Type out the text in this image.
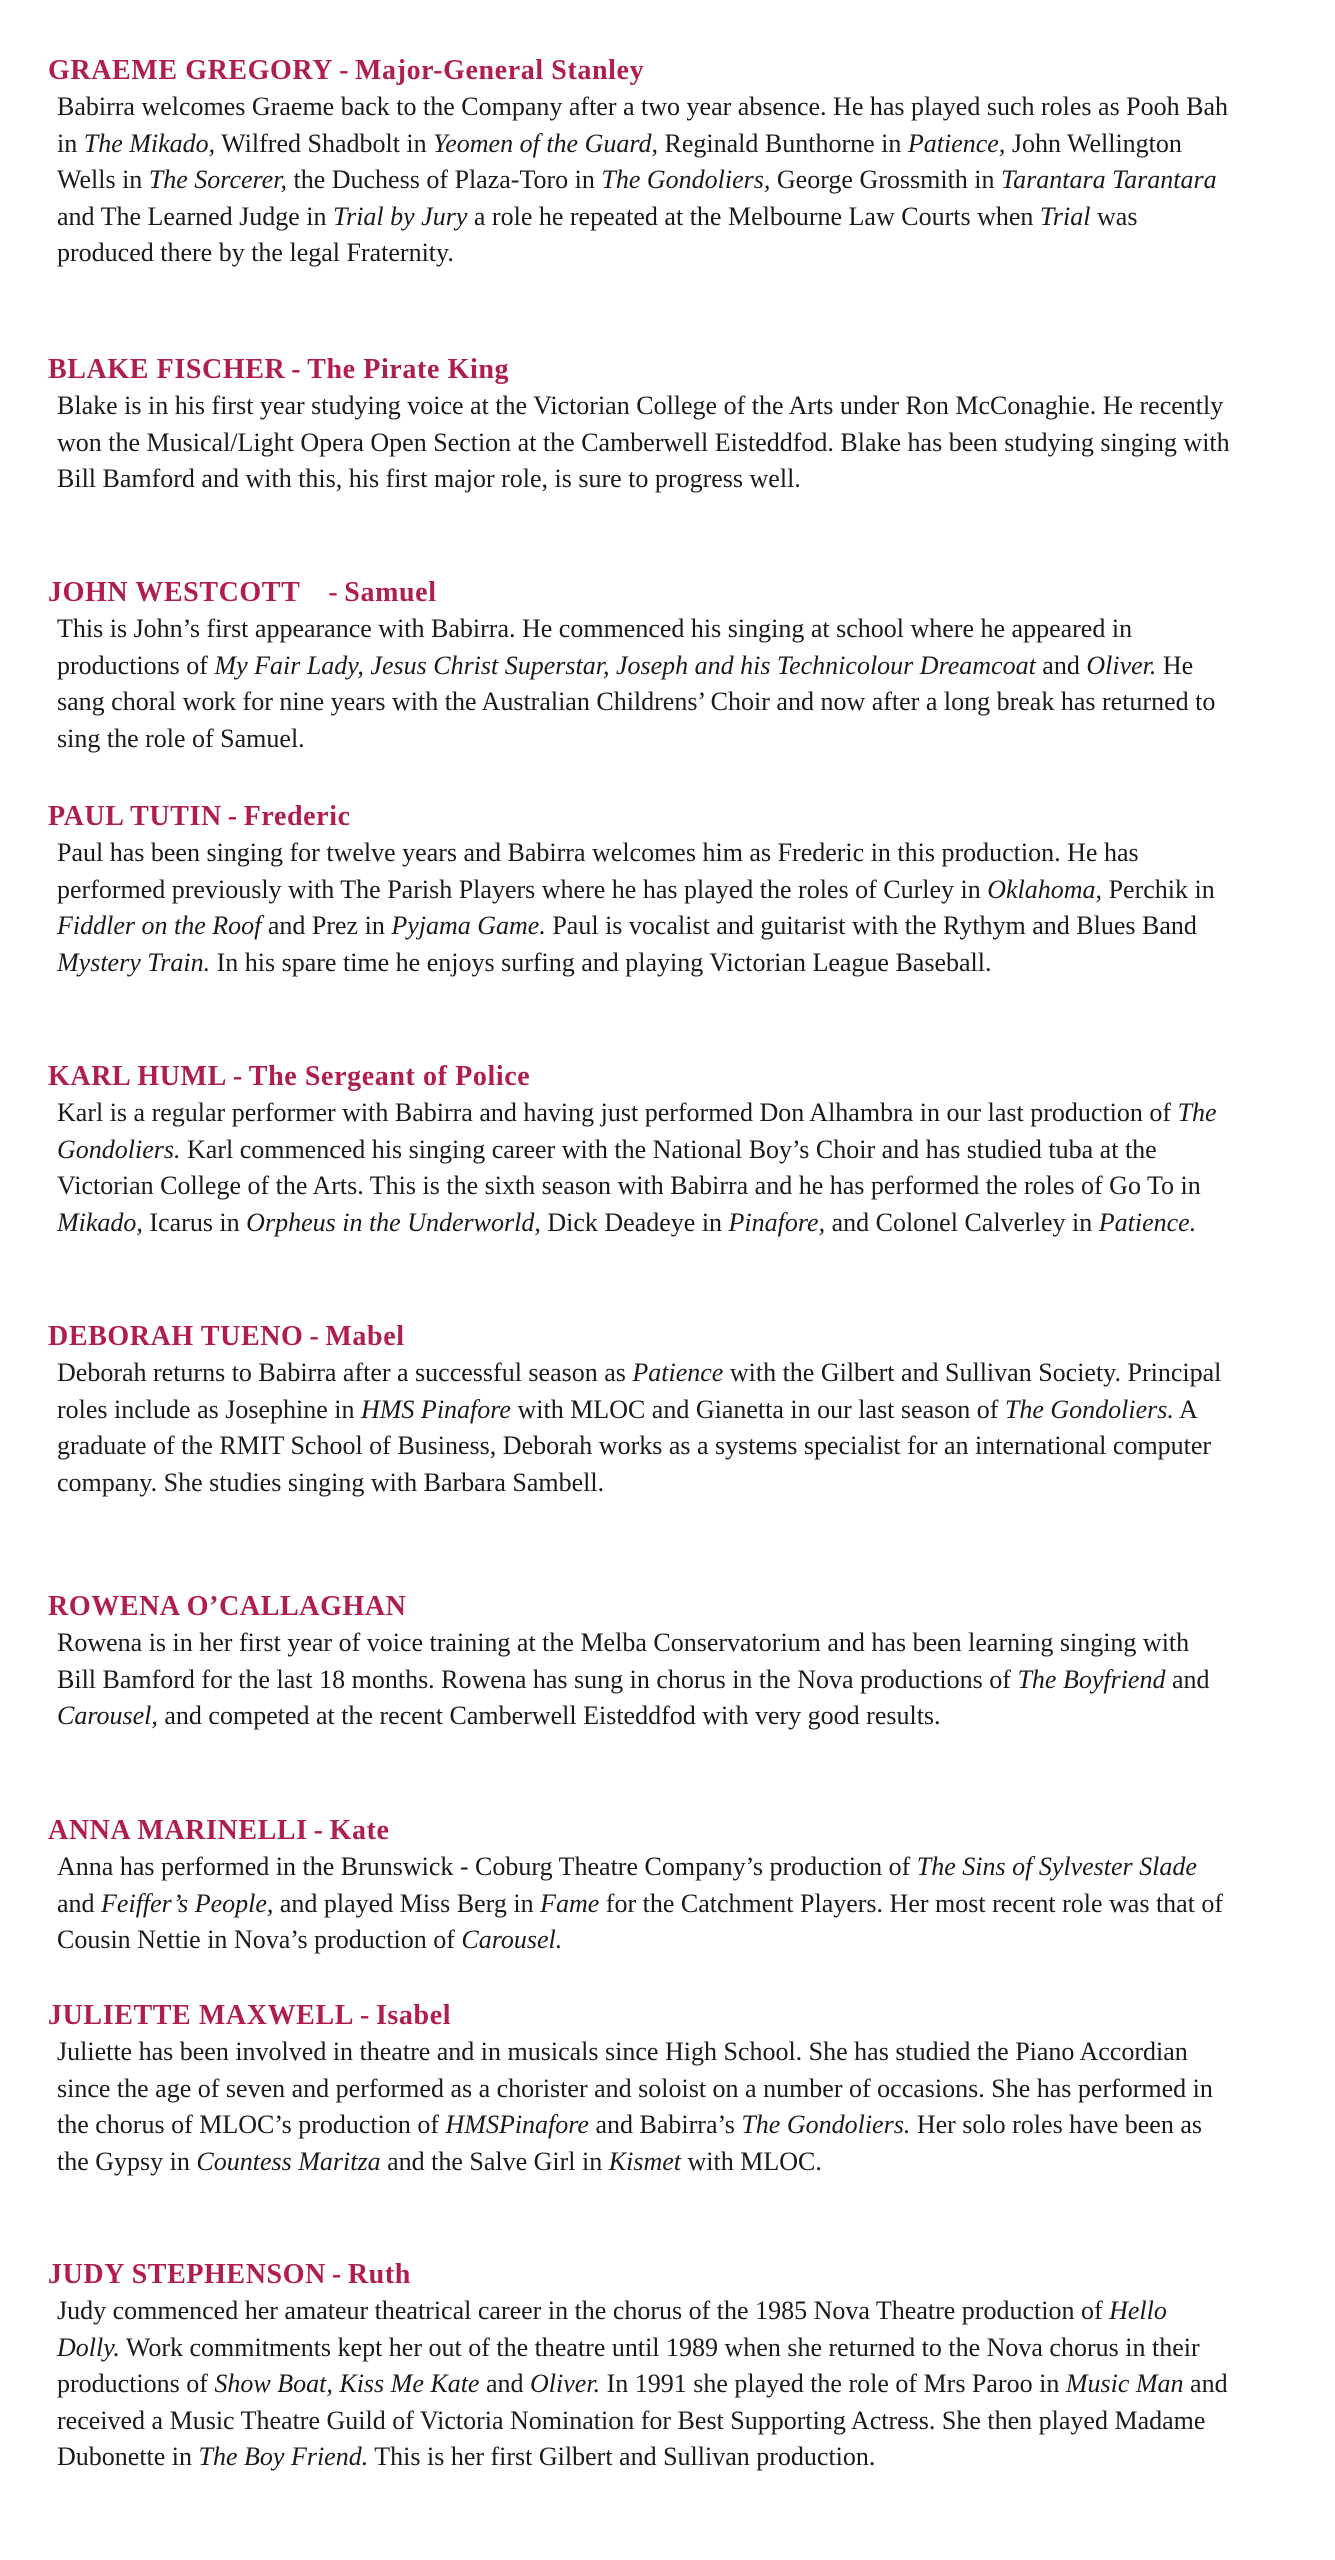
GRAEME GREGORY - Major-General Stanley

Babirra welcomes Graeme back to the Company after a two year absence. He has played such roles as Pooh Bah in The Mikado, Wilfred Shadbolt in Yeomen of the Guard, Reginald Bunthorne in Patience, John Wellington Wells in The Sorcerer, the Duchess of Plaza-Toro in The Gondoliers, George Grossmith in Tarantara Tarantara and The Learned Judge in Trial by Jury a role he repeated at the Melbourne Law Courts when Trial was produced there by the legal Fraternity.

BLAKE FISCHER - The Pirate King

Blake is in his first year studying voice at the Victorian College of the Arts under Ron McConaghie. He recently won the Musical/Light Opera Open Section at the Camberwell Eisteddfod. Blake has been studying singing with Bill Bamford and with this, his first major role, is sure to progress well.

JOHN WESTCOTT - Samuel

This is John’s first appearance with Babirra. He commenced his singing at school where he appeared in productions of My Fair Lady, Jesus Christ Superstar, Joseph and his Technicolour Dreamcoat and Oliver. He sang choral work for nine years with the Australian Childrens’ Choir and now after a long break has returned to sing the role of Samuel.

PAUL TUTIN - Frederic

Paul has been singing for twelve years and Babirra welcomes him as Frederic in this production. He has performed previously with The Parish Players where he has played the roles of Curley in Oklahoma, Perchik in Fiddler on the Roof and Prez in Pyjama Game. Paul is vocalist and guitarist with the Rythym and Blues Band Mystery Train. In his spare time he enjoys surfing and playing Victorian League Baseball.

KARL HUML - The Sergeant of Police

Karl is a regular performer with Babirra and having just performed Don Alhambra in our last production of The Gondoliers. Karl commenced his singing career with the National Boy’s Choir and has studied tuba at the Victorian College of the Arts. This is the sixth season with Babirra and he has performed the roles of Go To in Mikado, Icarus in Orpheus in the Underworld, Dick Deadeye in Pinafore, and Colonel Calverley in Patience.

DEBORAH TUENO - Mabel

Deborah returns to Babirra after a successful season as Patience with the Gilbert and Sullivan Society. Principal roles include as Josephine in HMS Pinafore with MLOC and Gianetta in our last season of The Gondoliers. A graduate of the RMIT School of Business, Deborah works as a systems specialist for an international computer company. She studies singing with Barbara Sambell.

ROWENA O’CALLAGHAN

Rowena is in her first year of voice training at the Melba Conservatorium and has been learning singing with Bill Bamford for the last 18 months. Rowena has sung in chorus in the Nova productions of The Boyfriend and Carousel, and competed at the recent Camberwell Eisteddfod with very good results.

ANNA MARINELLI - Kate

Anna has performed in the Brunswick - Coburg Theatre Company’s production of The Sins of Sylvester Slade and Feiffer’s People, and played Miss Berg in Fame for the Catchment Players. Her most recent role was that of Cousin Nettie in Nova’s production of Carousel.

JULIETTE MAXWELL - Isabel

Juliette has been involved in theatre and in musicals since High School. She has studied the Piano Accordian since the age of seven and performed as a chorister and soloist on a number of occasions. She has performed in the chorus of MLOC’s production of HMSPinafore and Babirra’s The Gondoliers. Her solo roles have been as the Gypsy in Countess Maritza and the Salve Girl in Kismet with MLOC.

JUDY STEPHENSON - Ruth

Judy commenced her amateur theatrical career in the chorus of the 1985 Nova Theatre production of Hello Dolly. Work commitments kept her out of the theatre until 1989 when she returned to the Nova chorus in their productions of Show Boat, Kiss Me Kate and Oliver. In 1991 she played the role of Mrs Paroo in Music Man and received a Music Theatre Guild of Victoria Nomination for Best Supporting Actress. She then played Madame Dubonette in The Boy Friend. This is her first Gilbert and Sullivan production.
